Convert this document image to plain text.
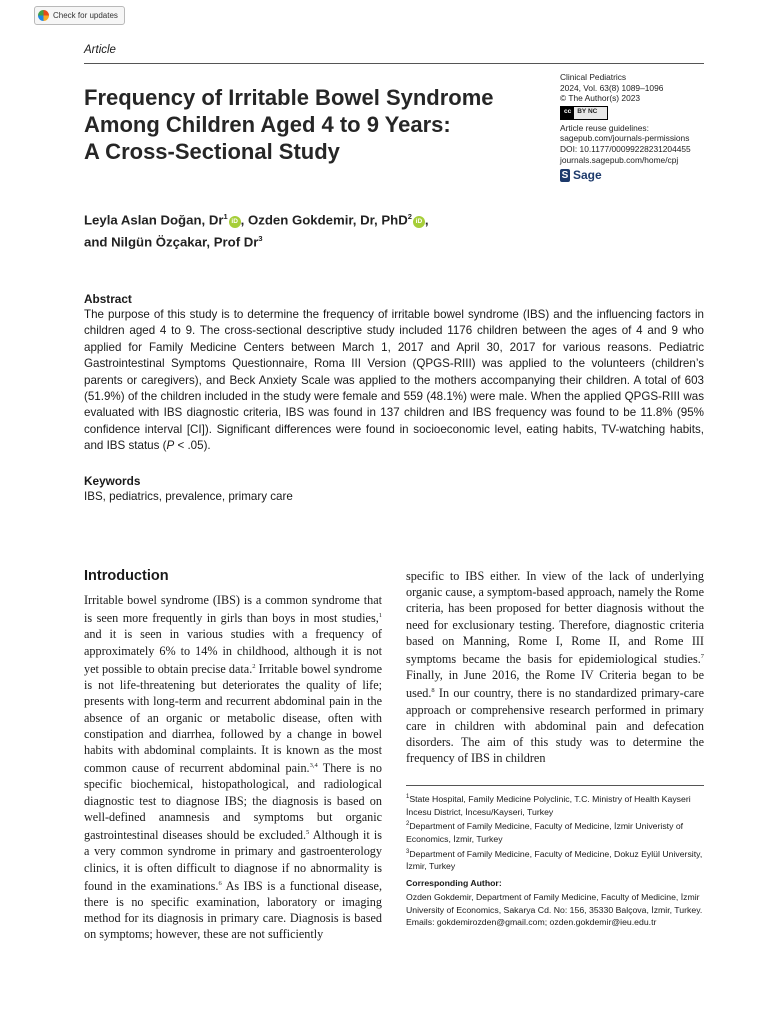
Check for updates
Article
Frequency of Irritable Bowel Syndrome
Among Children Aged 4 to 9 Years:
A Cross-Sectional Study
Clinical Pediatrics
2024, Vol. 63(8) 1089–1096
© The Author(s) 2023
cc BY NC
Article reuse guidelines:
sagepub.com/journals-permissions
DOI: 10.1177/00099228231204455
journals.sagepub.com/home/cpj
S Sage
Leyla Aslan Doğan, Dr$^1$iD , Ozden Gokdemir, Dr, PhD$^2$iD ,
and Nilgün Özçakar, Prof Dr$^3$
Abstract
The purpose of this study is to determine the frequency of irritable bowel syndrome (IBS) and the influencing factors in children aged 4 to 9. The cross-sectional descriptive study included 1176 children between the ages of 4 and 9 who applied for Family Medicine Centers between March 1, 2017 and April 30, 2017 for various reasons. Pediatric Gastrointestinal Symptoms Questionnaire, Roma III Version (QPGS-RIII) was applied to the volunteers (children’s parents or caregivers), and Beck Anxiety Scale was applied to the mothers accompanying their children. A total of 603 (51.9%) of the children included in the study were female and 559 (48.1%) were male. When the applied QPGS-RIII was evaluated with IBS diagnostic criteria, IBS was found in 137 children and IBS frequency was found to be 11.8% (95% confidence interval [CI]). Significant differences were found in socioeconomic level, eating habits, TV-watching habits, and IBS status (P < .05).
Keywords
IBS, pediatrics, prevalence, primary care
Introduction
Irritable bowel syndrome (IBS) is a common syndrome that is seen more frequently in girls than boys in most studies,$^1$ and it is seen in various studies with a frequency of approximately 6% to 14% in childhood, although it is not yet possible to obtain precise data.$^2$ Irritable bowel syndrome is not life-threatening but deteriorates the quality of life; presents with long-term and recurrent abdominal pain in the absence of an organic or metabolic disease, often with constipation and diarrhea, followed by a change in bowel habits with abdominal complaints. It is known as the most common cause of recurrent abdominal pain.$^{3,4}$ There is no specific biochemical, histopathological, and radiological diagnostic test to diagnose IBS; the diagnosis is based on well-defined anamnesis and symptoms but organic gastrointestinal diseases should be excluded.$^5$ Although it is a very common syndrome in primary and gastroenterology clinics, it is often difficult to diagnose if no abnormality is found in the examinations.$^6$ As IBS is a functional disease, there is no specific examination, laboratory or imaging method for its diagnosis in primary care. Diagnosis is based on symptoms; however, these are not sufficiently
specific to IBS either. In view of the lack of underlying organic cause, a symptom-based approach, namely the Rome criteria, has been proposed for better diagnosis without the need for exclusionary testing. Therefore, diagnostic criteria based on Manning, Rome I, Rome II, and Rome III symptoms became the basis for epidemiological studies.$^7$ Finally, in June 2016, the Rome IV Criteria began to be used.$^8$ In our country, there is no standardized primary-care approach or comprehensive research performed in primary care in children with abdominal pain and defecation disorders. The aim of this study was to determine the frequency of IBS in children
$^1$State Hospital, Family Medicine Polyclinic, T.C. Ministry of Health Kayseri İncesu District, İncesu/Kayseri, Turkey
$^2$Department of Family Medicine, Faculty of Medicine, İzmir Univeristy of Economics, İzmir, Turkey
$^3$Department of Family Medicine, Faculty of Medicine, Dokuz Eylül University, İzmir, Turkey
Corresponding Author:
Ozden Gokdemir, Department of Family Medicine, Faculty of Medicine, İzmir University of Economics, Sakarya Cd. No: 156, 35330 Balçova, İzmir, Turkey.
Emails: gokdemirozden@gmail.com; ozden.gokdemir@ieu.edu.tr
